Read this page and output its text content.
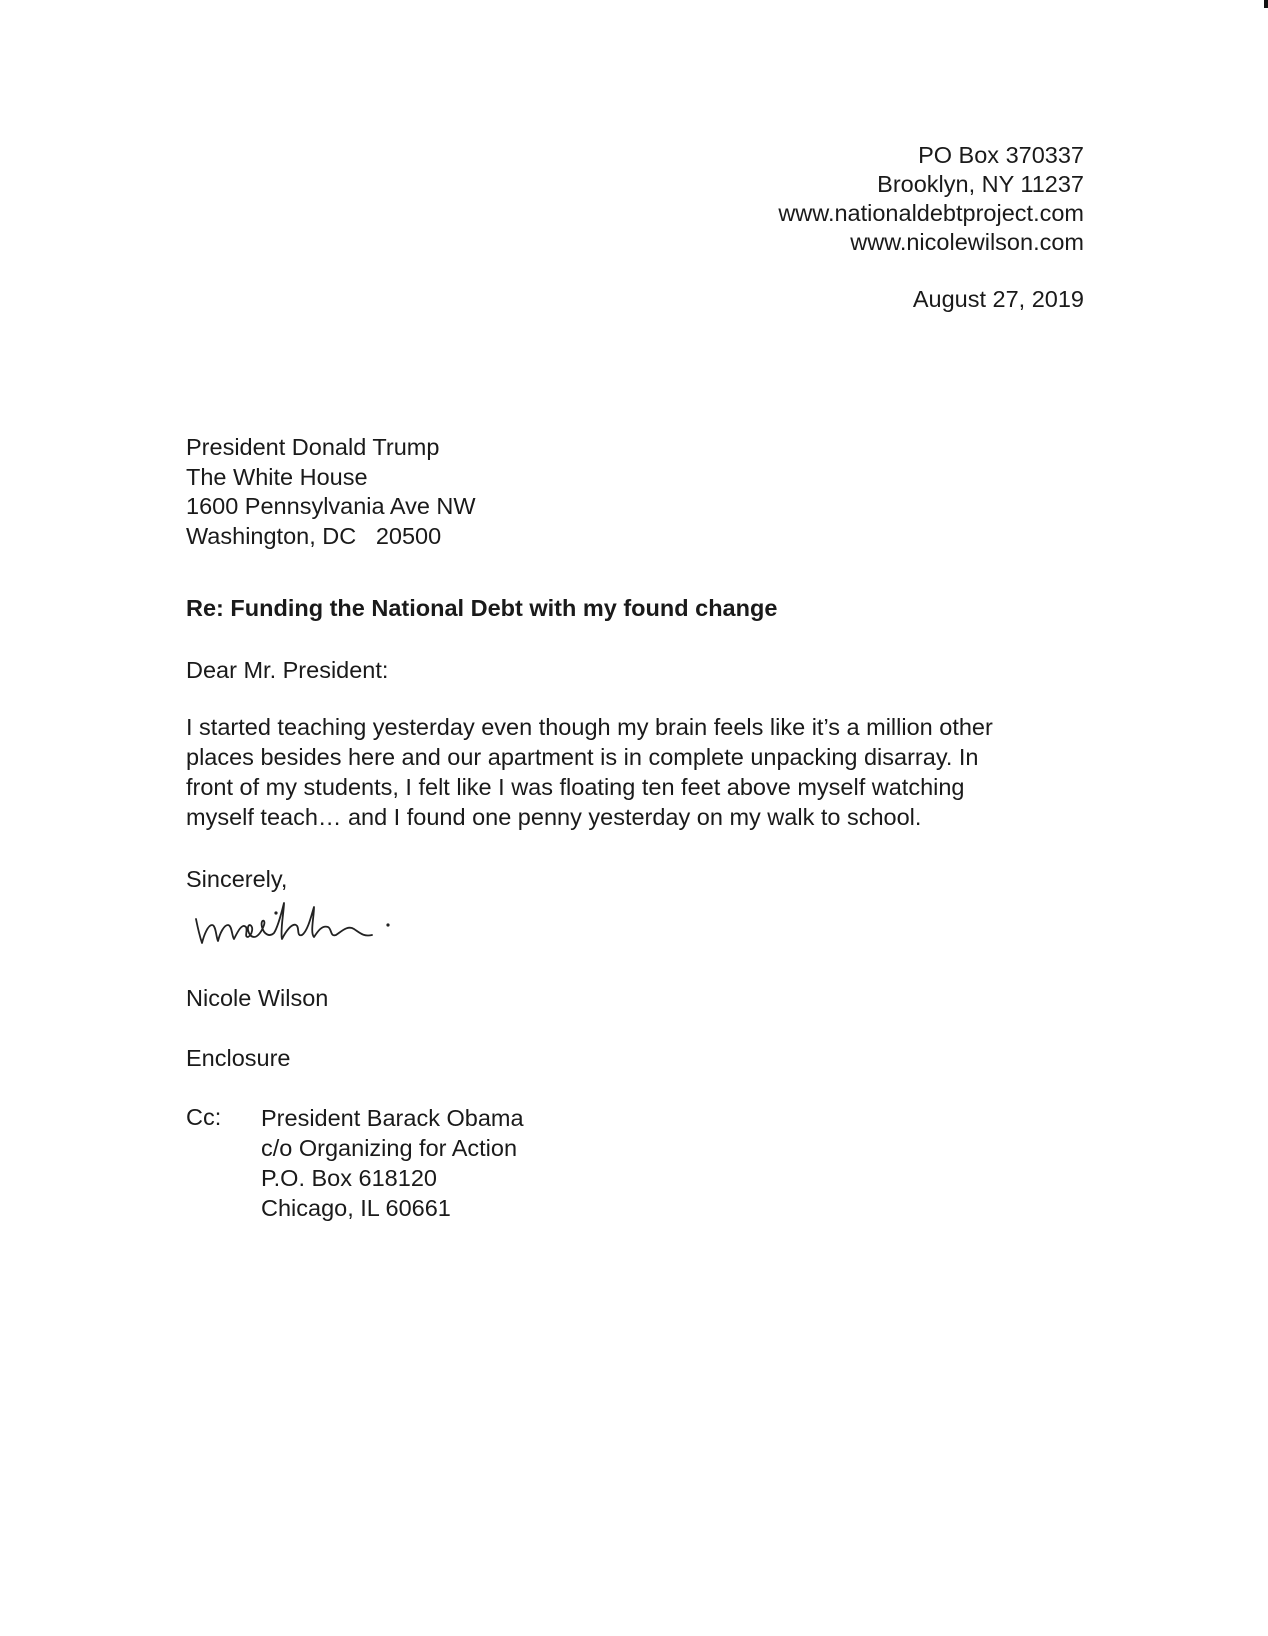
PO Box 370337
Brooklyn, NY 11237
www.nationaldebtproject.com
www.nicolewilson.com
August 27, 2019
President Donald Trump
The White House
1600 Pennsylvania Ave NW
Washington, DC   20500
Re: Funding the National Debt with my found change
Dear Mr. President:
I started teaching yesterday even though my brain feels like it’s a million other
places besides here and our apartment is in complete unpacking disarray. In
front of my students, I felt like I was floating ten feet above myself watching
myself teach… and I found one penny yesterday on my walk to school.
Sincerely,
Nicole Wilson
Enclosure
Cc: President Barack Obama
c/o Organizing for Action
P.O. Box 618120
Chicago, IL 60661
